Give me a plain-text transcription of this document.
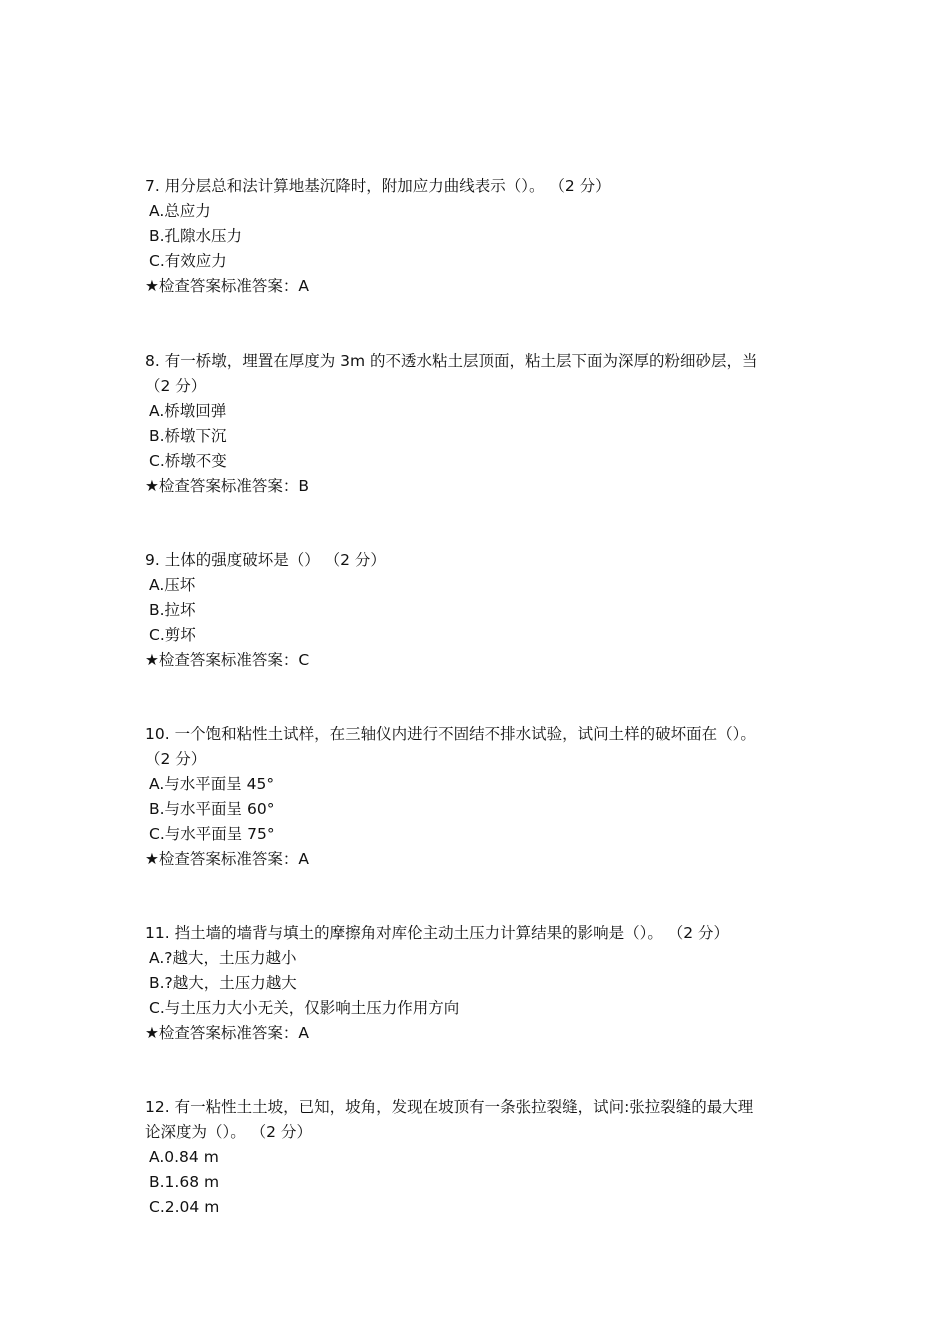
7. 用分层总和法计算地基沉降时，附加应力曲线表示（）。 （2 分）
A.总应力
B.孔隙水压力
C.有效应力
★检查答案标准答案：A
8. 有一桥墩，埋置在厚度为 3m 的不透水粘土层顶面，粘土层下面为深厚的粉细砂层，当
（2 分）
A.桥墩回弹
B.桥墩下沉
C.桥墩不变
★检查答案标准答案：B
9. 土体的强度破坏是（） （2 分）
A.压坏
B.拉坏
C.剪坏
★检查答案标准答案：C
10. 一个饱和粘性土试样，在三轴仪内进行不固结不排水试验，试问土样的破坏面在（）。
（2 分）
A.与水平面呈 45°
B.与水平面呈 60°
C.与水平面呈 75°
★检查答案标准答案：A
11. 挡土墙的墙背与填土的摩擦角对库伦主动土压力计算结果的影响是（）。 （2 分）
A.?越大，土压力越小
B.?越大，土压力越大
C.与土压力大小无关，仅影响土压力作用方向
★检查答案标准答案：A
12. 有一粘性土土坡，已知，坡角，发现在坡顶有一条张拉裂缝，试问:张拉裂缝的最大理
论深度为（）。 （2 分）
A.0.84 m
B.1.68 m
C.2.04 m
